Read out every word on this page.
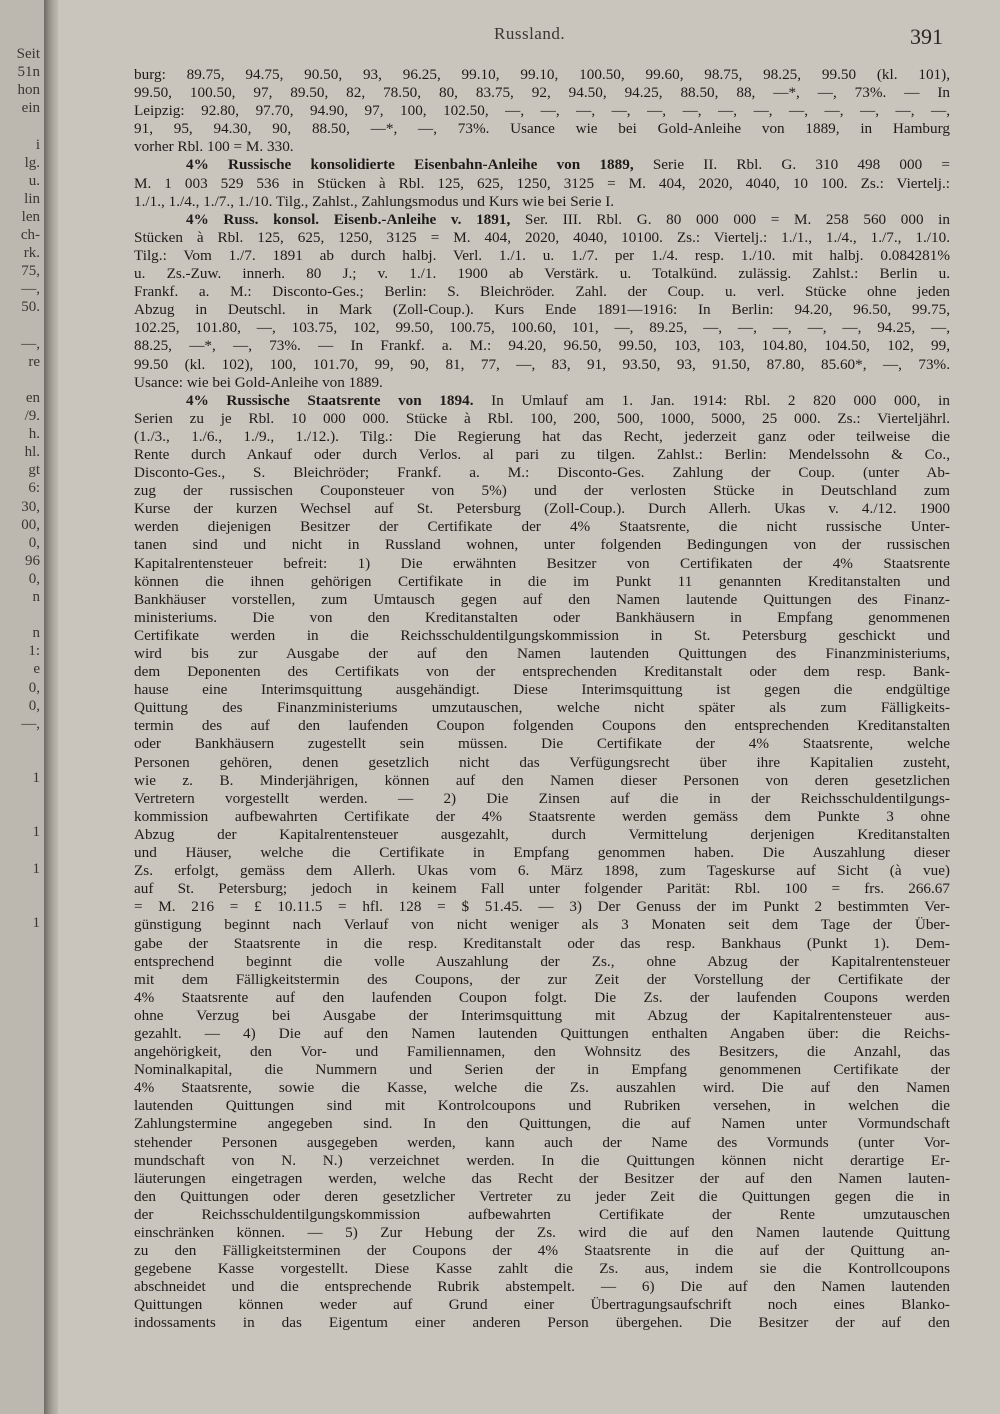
Seit
51n
hon
ein
i
lg.
u.
lin
len
ch-
rk.
75,
—,
50.
—,
re
en
/9.
h.
hl.
gt
6:
30,
00,
0,
96
0,
n
n
1:
e
0,
0,
—,
1
1
1
1
Russland.	391
burg: 89.75, 94.75, 90.50, 93, 96.25, 99.10, 99.10, 100.50, 99.60, 98.75, 98.25, 99.50 (kl. 101),
99.50, 100.50, 97, 89.50, 82, 78.50, 80, 83.75, 92, 94.50, 94.25, 88.50, 88, —*, —, 73%. — In
Leipzig: 92.80, 97.70, 94.90, 97, 100, 102.50, —, —, —, —, —, —, —, —, —, —, —, —, —,
91, 95, 94.30, 90, 88.50, —*, —, 73%. Usance wie bei Gold-Anleihe von 1889, in Hamburg
vorher Rbl. 100 = M. 330.
4% Russische konsolidierte Eisenbahn-Anleihe von 1889, Serie II. Rbl. G. 310 498 000 =
M. 1 003 529 536 in Stücken à Rbl. 125, 625, 1250, 3125 = M. 404, 2020, 4040, 10 100. Zs.: Viertelj.:
1./1., 1./4., 1./7., 1./10. Tilg., Zahlst., Zahlungsmodus und Kurs wie bei Serie I.
4% Russ. konsol. Eisenb.-Anleihe v. 1891, Ser. III. Rbl. G. 80 000 000 = M. 258 560 000 in
Stücken à Rbl. 125, 625, 1250, 3125 = M. 404, 2020, 4040, 10100. Zs.: Viertelj.: 1./1., 1./4., 1./7., 1./10.
Tilg.: Vom 1./7. 1891 ab durch halbj. Verl. 1./1. u. 1./7. per 1./4. resp. 1./10. mit halbj. 0.084281%
u. Zs.-Zuw. innerh. 80 J.; v. 1./1. 1900 ab Verstärk. u. Totalkünd. zulässig. Zahlst.: Berlin u.
Frankf. a. M.: Disconto-Ges.; Berlin: S. Bleichröder. Zahl. der Coup. u. verl. Stücke ohne jeden
Abzug in Deutschl. in Mark (Zoll-Coup.). Kurs Ende 1891—1916: In Berlin: 94.20, 96.50, 99.75,
102.25, 101.80, —, 103.75, 102, 99.50, 100.75, 100.60, 101, —, 89.25, —, —, —, —, —, 94.25, —,
88.25, —*, —, 73%. — In Frankf. a. M.: 94.20, 96.50, 99.50, 103, 103, 104.80, 104.50, 102, 99,
99.50 (kl. 102), 100, 101.70, 99, 90, 81, 77, —, 83, 91, 93.50, 93, 91.50, 87.80, 85.60*, —, 73%.
Usance: wie bei Gold-Anleihe von 1889.
4% Russische Staatsrente von 1894. In Umlauf am 1. Jan. 1914: Rbl. 2 820 000 000, in
Serien zu je Rbl. 10 000 000. Stücke à Rbl. 100, 200, 500, 1000, 5000, 25 000. Zs.: Vierteljährl.
(1./3., 1./6., 1./9., 1./12.). Tilg.: Die Regierung hat das Recht, jederzeit ganz oder teilweise die
Rente durch Ankauf oder durch Verlos. al pari zu tilgen. Zahlst.: Berlin: Mendelssohn & Co.,
Disconto-Ges., S. Bleichröder; Frankf. a. M.: Disconto-Ges. Zahlung der Coup. (unter Ab-
zug der russischen Couponsteuer von 5%) und der verlosten Stücke in Deutschland zum
Kurse der kurzen Wechsel auf St. Petersburg (Zoll-Coup.). Durch Allerh. Ukas v. 4./12. 1900
werden diejenigen Besitzer der Certifikate der 4% Staatsrente, die nicht russische Unter-
tanen sind und nicht in Russland wohnen, unter folgenden Bedingungen von der russischen
Kapitalrentensteuer befreit: 1) Die erwähnten Besitzer von Certifikaten der 4% Staatsrente
können die ihnen gehörigen Certifikate in die im Punkt 11 genannten Kreditanstalten und
Bankhäuser vorstellen, zum Umtausch gegen auf den Namen lautende Quittungen des Finanz-
ministeriums. Die von den Kreditanstalten oder Bankhäusern in Empfang genommenen
Certifikate werden in die Reichsschuldentilgungskommission in St. Petersburg geschickt und
wird bis zur Ausgabe der auf den Namen lautenden Quittungen des Finanzministeriums,
dem Deponenten des Certifikats von der entsprechenden Kreditanstalt oder dem resp. Bank-
hause eine Interimsquittung ausgehändigt. Diese Interimsquittung ist gegen die endgültige
Quittung des Finanzministeriums umzutauschen, welche nicht später als zum Fälligkeits-
termin des auf den laufenden Coupon folgenden Coupons den entsprechenden Kreditanstalten
oder Bankhäusern zugestellt sein müssen. Die Certifikate der 4% Staatsrente, welche
Personen gehören, denen gesetzlich nicht das Verfügungsrecht über ihre Kapitalien zusteht,
wie z. B. Minderjährigen, können auf den Namen dieser Personen von deren gesetzlichen
Vertretern vorgestellt werden. — 2) Die Zinsen auf die in der Reichsschuldentilgungs-
kommission aufbewahrten Certifikate der 4% Staatsrente werden gemäss dem Punkte 3 ohne
Abzug der Kapitalrentensteuer ausgezahlt, durch Vermittelung derjenigen Kreditanstalten
und Häuser, welche die Certifikate in Empfang genommen haben. Die Auszahlung dieser
Zs. erfolgt, gemäss dem Allerh. Ukas vom 6. März 1898, zum Tageskurse auf Sicht (à vue)
auf St. Petersburg; jedoch in keinem Fall unter folgender Parität: Rbl. 100 = frs. 266.67
= M. 216 = £ 10.11.5 = hfl. 128 = $ 51.45. — 3) Der Genuss der im Punkt 2 bestimmten Ver-
günstigung beginnt nach Verlauf von nicht weniger als 3 Monaten seit dem Tage der Über-
gabe der Staatsrente in die resp. Kreditanstalt oder das resp. Bankhaus (Punkt 1). Dem-
entsprechend beginnt die volle Auszahlung der Zs., ohne Abzug der Kapitalrentensteuer
mit dem Fälligkeitstermin des Coupons, der zur Zeit der Vorstellung der Certifikate der
4% Staatsrente auf den laufenden Coupon folgt. Die Zs. der laufenden Coupons werden
ohne Verzug bei Ausgabe der Interimsquittung mit Abzug der Kapitalrentensteuer aus-
gezahlt. — 4) Die auf den Namen lautenden Quittungen enthalten Angaben über: die Reichs-
angehörigkeit, den Vor- und Familiennamen, den Wohnsitz des Besitzers, die Anzahl, das
Nominalkapital, die Nummern und Serien der in Empfang genommenen Certifikate der
4% Staatsrente, sowie die Kasse, welche die Zs. auszahlen wird. Die auf den Namen
lautenden Quittungen sind mit Kontrolcoupons und Rubriken versehen, in welchen die
Zahlungstermine angegeben sind. In den Quittungen, die auf Namen unter Vormundschaft
stehender Personen ausgegeben werden, kann auch der Name des Vormunds (unter Vor-
mundschaft von N. N.) verzeichnet werden. In die Quittungen können nicht derartige Er-
läuterungen eingetragen werden, welche das Recht der Besitzer der auf den Namen lauten-
den Quittungen oder deren gesetzlicher Vertreter zu jeder Zeit die Quittungen gegen die in
der Reichsschuldentilgungskommission aufbewahrten Certifikate der Rente umzutauschen
einschränken können. — 5) Zur Hebung der Zs. wird die auf den Namen lautende Quittung
zu den Fälligkeitsterminen der Coupons der 4% Staatsrente in die auf der Quittung an-
gegebene Kasse vorgestellt. Diese Kasse zahlt die Zs. aus, indem sie die Kontrollcoupons
abschneidet und die entsprechende Rubrik abstempelt. — 6) Die auf den Namen lautenden
Quittungen können weder auf Grund einer Übertragungsaufschrift noch eines Blanko-
indossaments in das Eigentum einer anderen Person übergehen. Die Besitzer der auf den
